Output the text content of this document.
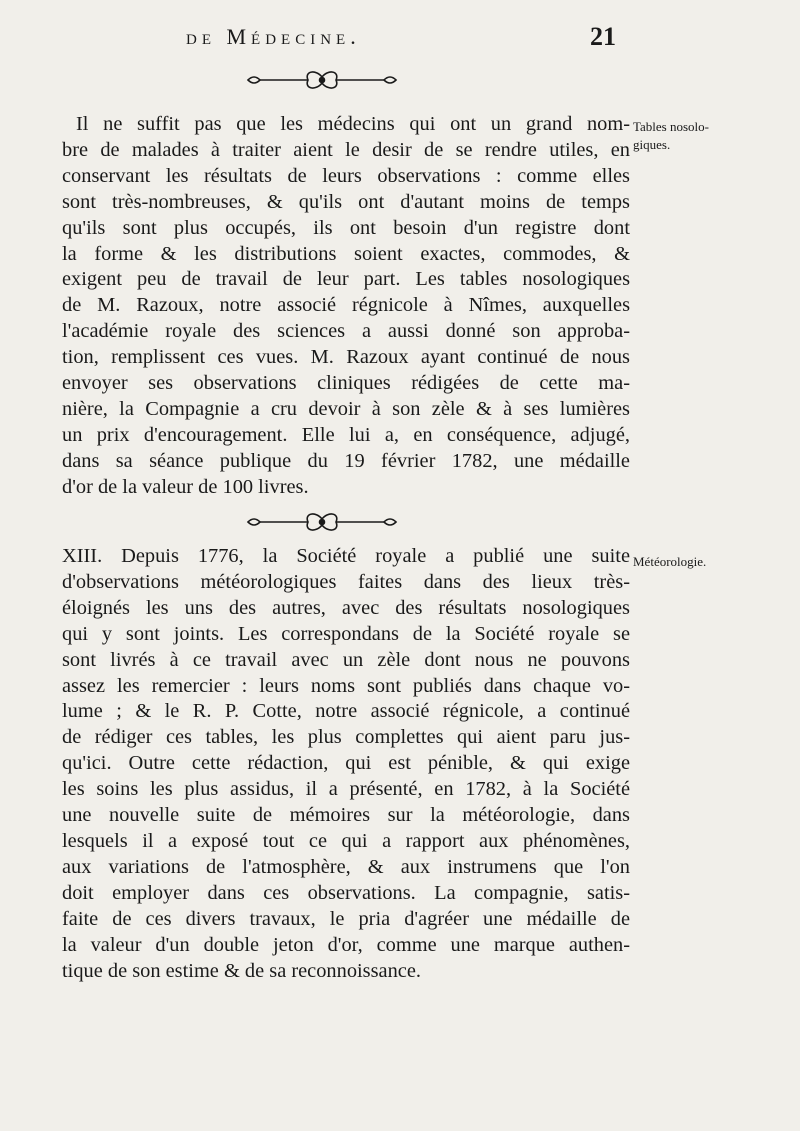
de Médecine.	21
Tables nosolo-
giques.
Il ne suffit pas que les médecins qui ont un grand nom-
bre de malades à traiter aient le desir de se rendre utiles, en
conservant les résultats de leurs observations : comme elles
sont très-nombreuses, & qu'ils ont d'autant moins de temps
qu'ils sont plus occupés, ils ont besoin d'un registre dont
la forme & les distributions soient exactes, commodes, &
exigent peu de travail de leur part. Les tables nosologiques
de M. Razoux, notre associé régnicole à Nîmes, auxquelles
l'académie royale des sciences a aussi donné son approba-
tion, remplissent ces vues. M. Razoux ayant continué de nous
envoyer ses observations cliniques rédigées de cette ma-
nière, la Compagnie a cru devoir à son zèle & à ses lumières
un prix d'encouragement. Elle lui a, en conséquence, adjugé,
dans sa séance publique du 19 février 1782, une médaille
d'or de la valeur de 100 livres.
Météorologie.
XIII. Depuis 1776, la Société royale a publié une suite
d'observations météorologiques faites dans des lieux très-
éloignés les uns des autres, avec des résultats nosologiques
qui y sont joints. Les correspondans de la Société royale se
sont livrés à ce travail avec un zèle dont nous ne pouvons
assez les remercier : leurs noms sont publiés dans chaque vo-
lume ; & le R. P. Cotte, notre associé régnicole, a continué
de rédiger ces tables, les plus complettes qui aient paru jus-
qu'ici. Outre cette rédaction, qui est pénible, & qui exige
les soins les plus assidus, il a présenté, en 1782, à la Société
une nouvelle suite de mémoires sur la météorologie, dans
lesquels il a exposé tout ce qui a rapport aux phénomènes,
aux variations de l'atmosphère, & aux instrumens que l'on
doit employer dans ces observations. La compagnie, satis-
faite de ces divers travaux, le pria d'agréer une médaille de
la valeur d'un double jeton d'or, comme une marque authen-
tique de son estime & de sa reconnoissance.
